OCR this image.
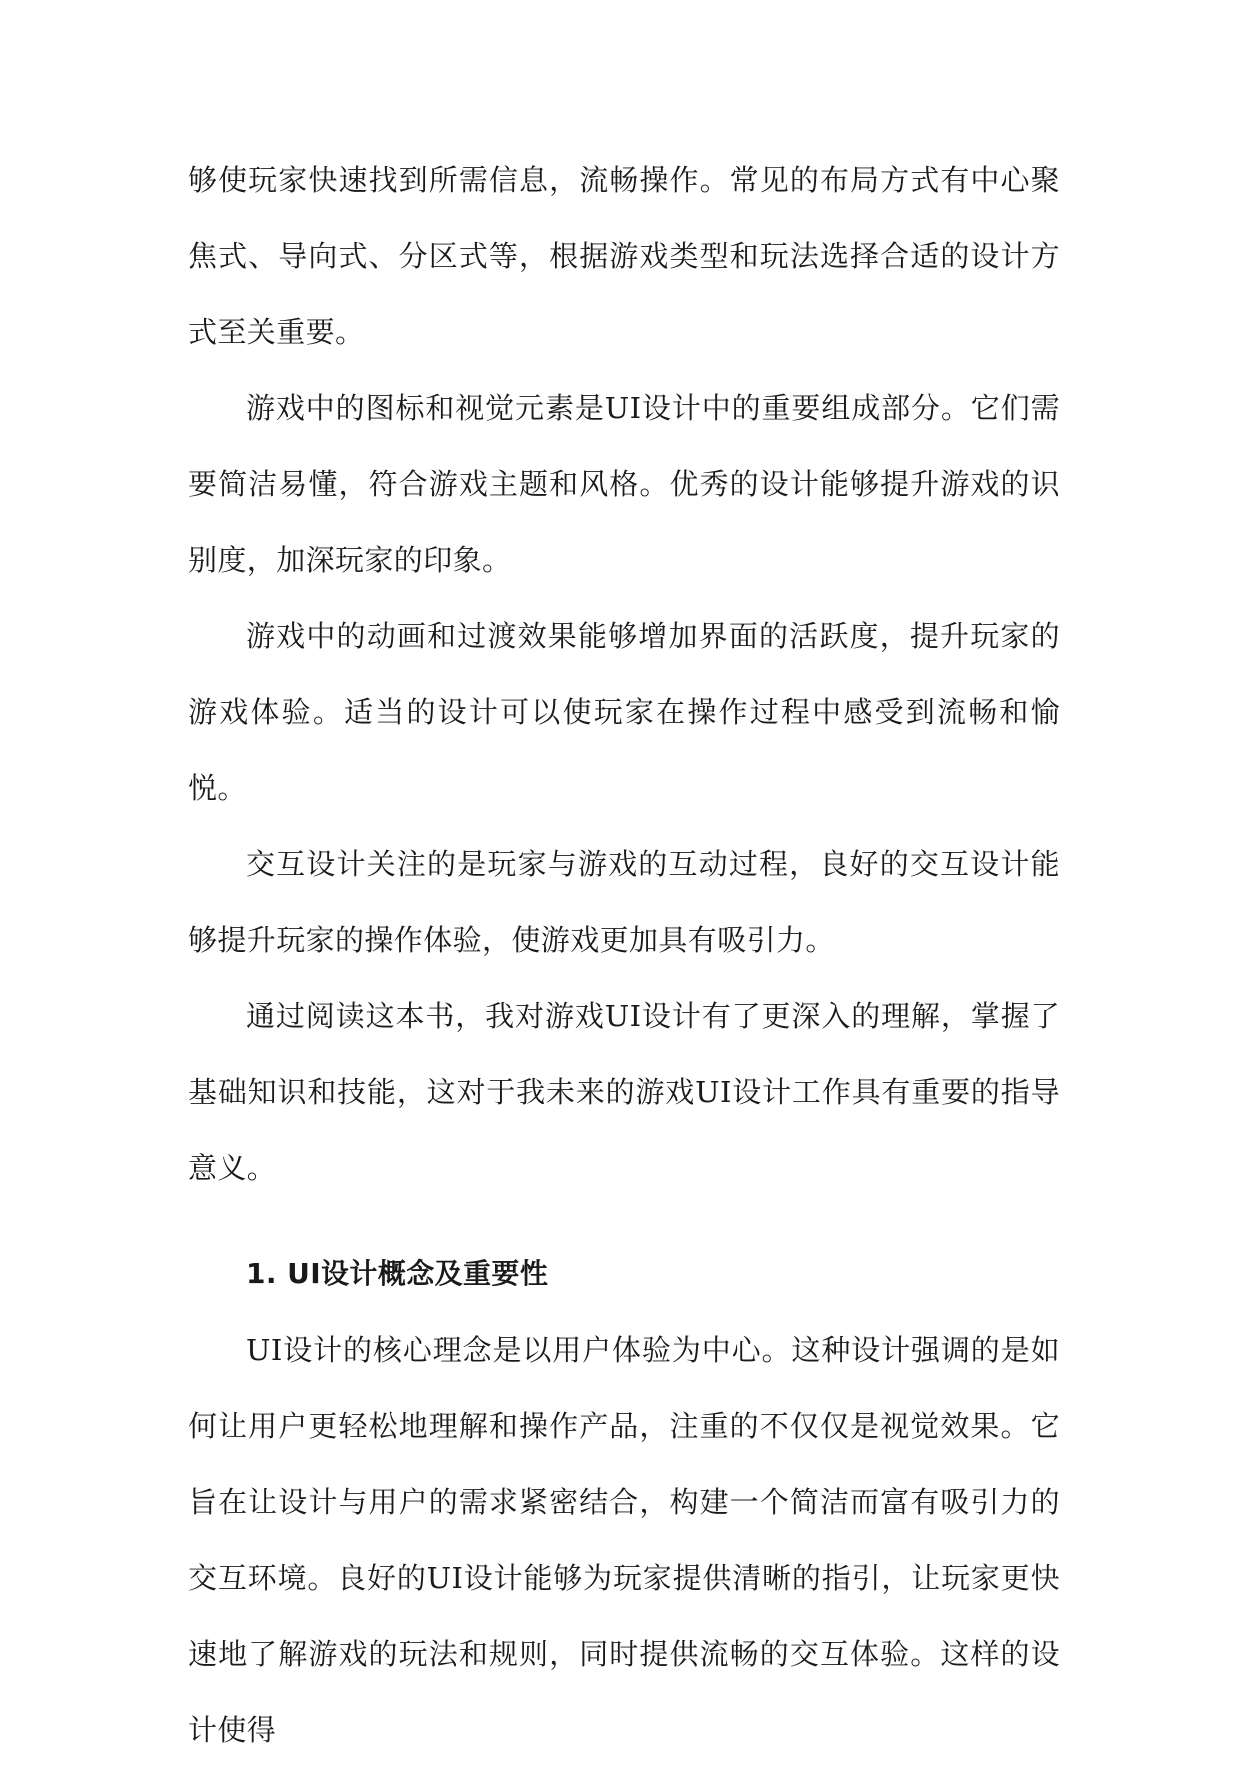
够使玩家快速找到所需信息，流畅操作。常见的布局方式有中心聚焦式、导向式、分区式等，根据游戏类型和玩法选择合适的设计方式至关重要。

游戏中的图标和视觉元素是UI设计中的重要组成部分。它们需要简洁易懂，符合游戏主题和风格。优秀的设计能够提升游戏的识别度，加深玩家的印象。

游戏中的动画和过渡效果能够增加界面的活跃度，提升玩家的游戏体验。适当的设计可以使玩家在操作过程中感受到流畅和愉悦。

交互设计关注的是玩家与游戏的互动过程，良好的交互设计能够提升玩家的操作体验，使游戏更加具有吸引力。

通过阅读这本书，我对游戏UI设计有了更深入的理解，掌握了基础知识和技能，这对于我未来的游戏UI设计工作具有重要的指导意义。

1. UI设计概念及重要性

UI设计的核心理念是以用户体验为中心。这种设计强调的是如何让用户更轻松地理解和操作产品，注重的不仅仅是视觉效果。它旨在让设计与用户的需求紧密结合，构建一个简洁而富有吸引力的交互环境。良好的UI设计能够为玩家提供清晰的指引，让玩家更快速地了解游戏的玩法和规则，同时提供流畅的交互体验。这样的设计使得
